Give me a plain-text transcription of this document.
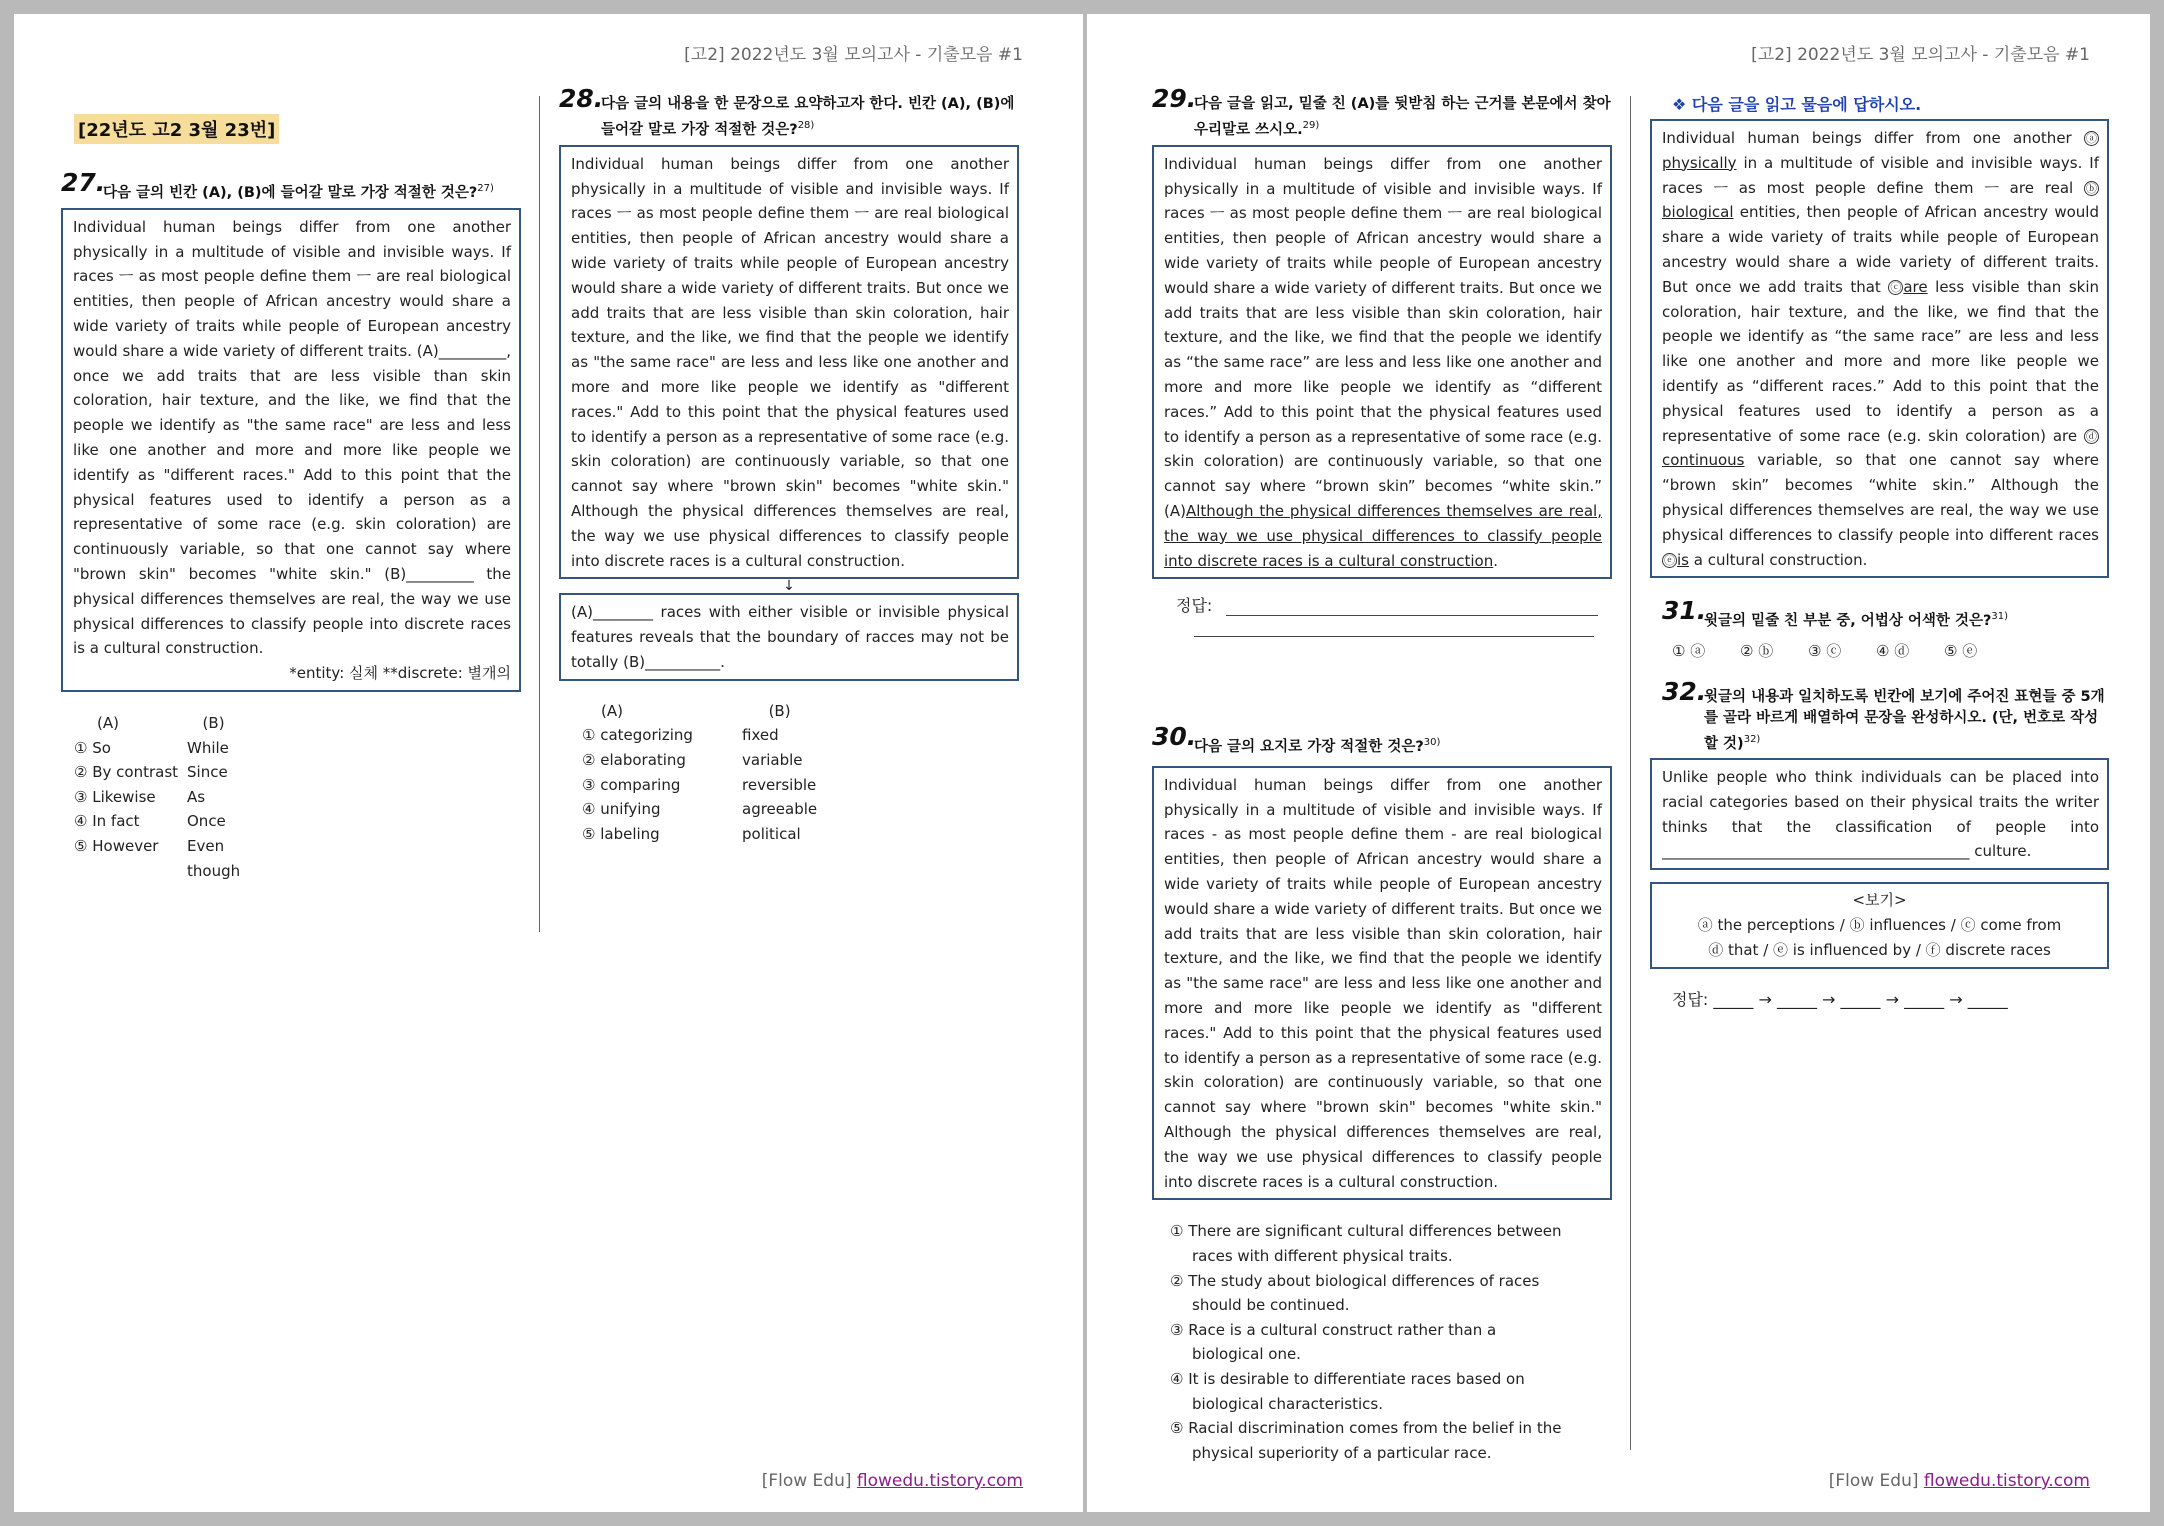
[고2] 2022년도 3월 모의고사 - 기출모음 #1
[22년도 고2 3월 23번]
27.
다음 글의 빈칸 (A), (B)에 들어갈 말로 가장 적절한 것은?$^{27)}$
Individual human beings differ from one another physically in a multitude of visible and invisible ways. If races ㅡ as most people define them ㅡ are real biological entities, then people of African ancestry would share a wide variety of traits while people of European ancestry would share a wide variety of different traits. (A)_________, once we add traits that are less visible than skin coloration, hair texture, and the like, we find that the people we identify as "the same race" are less and less like one another and more and more like people we identify as "different races." Add to this point that the physical features used to identify a person as a representative of some race (e.g. skin coloration) are continuously variable, so that one cannot say where "brown skin" becomes "white skin." (B)_________ the physical differences themselves are real, the way we use physical differences to classify people into discrete races is a cultural construction.
*entity: 실체 **discrete: 별개의
(A)		(B)
① So		While
② By contrast		Since
③ Likewise		As
④ In fact		Once
⑤ However		Even though
28.
다음 글의 내용을 한 문장으로 요약하고자 한다. 빈칸 (A), (B)에 들어갈 말로 가장 적절한 것은?$^{28)}$
Individual human beings differ from one another physically in a multitude of visible and invisible ways. If races ㅡ as most people define them ㅡ are real biological entities, then people of African ancestry would share a wide variety of traits while people of European ancestry would share a wide variety of different traits. But once we add traits that are less visible than skin coloration, hair texture, and the like, we find that the people we identify as "the same race" are less and less like one another and more and more like people we identify as "different races." Add to this point that the physical features used to identify a person as a representative of some race (e.g. skin coloration) are continuously variable, so that one cannot say where "brown skin" becomes "white skin." Although the physical differences themselves are real, the way we use physical differences to classify people into discrete races is a cultural construction.
↓
(A)________ races with either visible or invisible physical features reveals that the boundary of racces may not be totally (B)__________.
(A)		(B)
① categorizing		fixed
② elaborating		variable
③ comparing		reversible
④ unifying		agreeable
⑤ labeling		political
[Flow Edu] flowedu.tistory.com
[고2] 2022년도 3월 모의고사 - 기출모음 #1
29.
다음 글을 읽고, 밑줄 친 (A)를 뒷받침 하는 근거를 본문에서 찾아 우리말로 쓰시오.$^{29)}$
Individual human beings differ from one another physically in a multitude of visible and invisible ways. If races ㅡ as most people define them ㅡ are real biological entities, then people of African ancestry would share a wide variety of traits while people of European ancestry would share a wide variety of different traits. But once we add traits that are less visible than skin coloration, hair texture, and the like, we find that the people we identify as “the same race” are less and less like one another and more and more like people we identify as “different races.” Add to this point that the physical features used to identify a person as a representative of some race (e.g. skin coloration) are continuously variable, so that one cannot say where “brown skin” becomes “white skin.” (A)Although the physical differences themselves are real, the way we use physical differences to classify people into discrete races is a cultural construction.
정답:
30.
다음 글의 요지로 가장 적절한 것은?$^{30)}$
Individual human beings differ from one another physically in a multitude of visible and invisible ways. If races - as most people define them - are real biological entities, then people of African ancestry would share a wide variety of traits while people of European ancestry would share a wide variety of different traits. But once we add traits that are less visible than skin coloration, hair texture, and the like, we find that the people we identify as "the same race" are less and less like one another and more and more like people we identify as "different races." Add to this point that the physical features used to identify a person as a representative of some race (e.g. skin coloration) are continuously variable, so that one cannot say where "brown skin" becomes "white skin." Although the physical differences themselves are real, the way we use physical differences to classify people into discrete races is a cultural construction.
① There are significant cultural differences between races with different physical traits.
② The study about biological differences of races should be continued.
③ Race is a cultural construct rather than a biological one.
④ It is desirable to differentiate races based on biological characteristics.
⑤ Racial discrimination comes from the belief in the physical superiority of a particular race.
❖ 다음 글을 읽고 물음에 답하시오.
Individual human beings differ from one another ⓐ physically in a multitude of visible and invisible ways. If races ㅡ as most people define them ㅡ are real ⓑ biological entities, then people of African ancestry would share a wide variety of traits while people of European ancestry would share a wide variety of different traits. But once we add traits that ⓒ are less visible than skin coloration, hair texture, and the like, we find that the people we identify as “the same race” are less and less like one another and more and more like people we identify as “different races.” Add to this point that the physical features used to identify a person as a representative of some race (e.g. skin coloration) are ⓓ continuous variable, so that one cannot say where “brown skin” becomes “white skin.” Although the physical differences themselves are real, the way we use physical differences to classify people into different races ⓔ is a cultural construction.
31.
윗글의 밑줄 친 부분 중, 어법상 어색한 것은?$^{31)}$
① ⓐ ② ⓑ ③ ⓒ ④ ⓓ ⑤ ⓔ
32.
윗글의 내용과 일치하도록 빈칸에 보기에 주어진 표현들 중 5개를 골라 바르게 배열하여 문장을 완성하시오. (단, 번호로 작성할 것)$^{32)}$
Unlike people who think individuals can be placed into racial categories based on their physical traits the writer thinks that the classification of people into _________________________________________ culture.
<보기>
ⓐ the perceptions / ⓑ influences / ⓒ come from
ⓓ that / ⓔ is influenced by / ⓕ discrete races
정답: _____ → _____ → _____ → _____ → _____
[Flow Edu] flowedu.tistory.com
